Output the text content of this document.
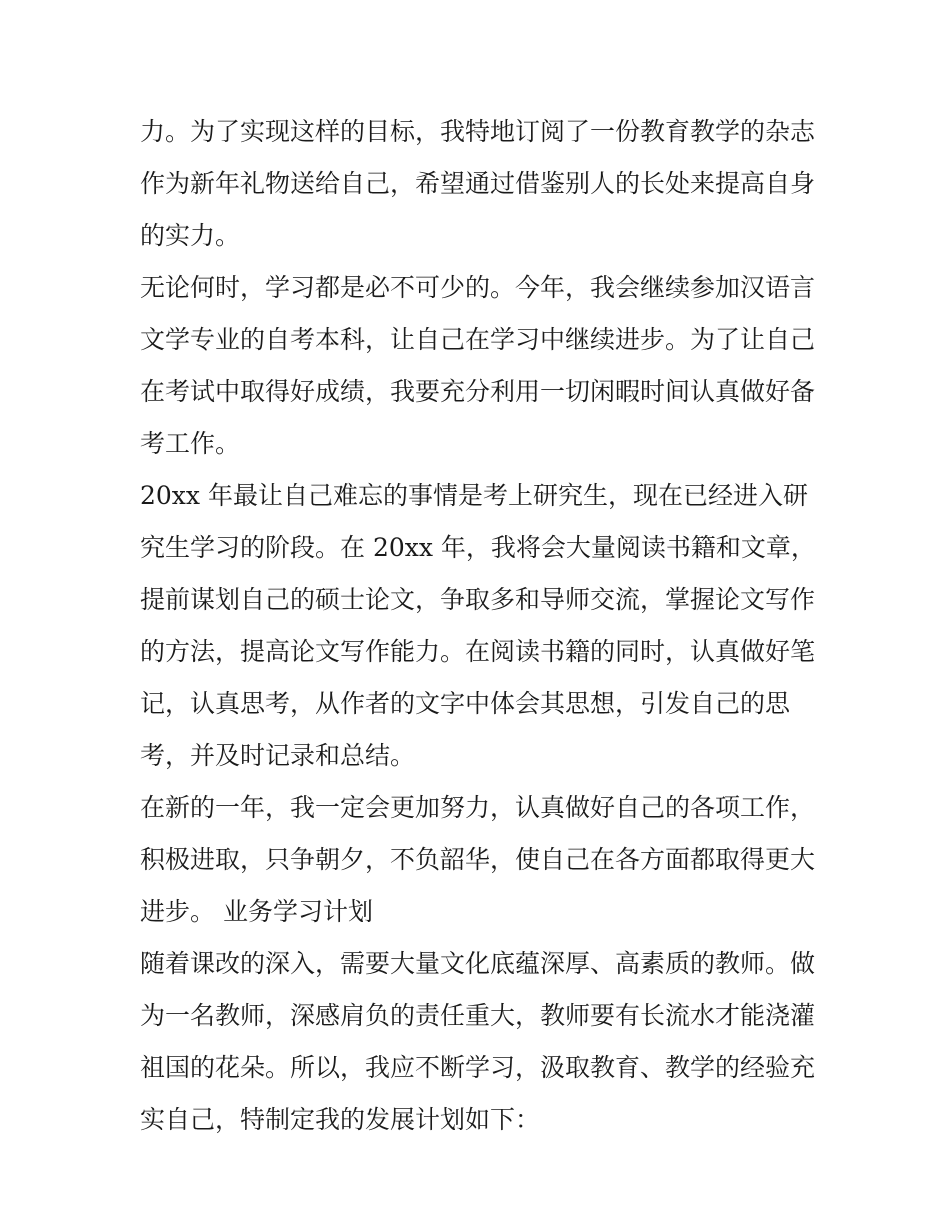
力。为了实现这样的目标，我特地订阅了一份教育教学的杂志
作为新年礼物送给自己，希望通过借鉴别人的长处来提高自身
的实力。
无论何时，学习都是必不可少的。今年，我会继续参加汉语言
文学专业的自考本科，让自己在学习中继续进步。为了让自己
在考试中取得好成绩，我要充分利用一切闲暇时间认真做好备
考工作。
20xx 年最让自己难忘的事情是考上研究生，现在已经进入研
究生学习的阶段。在 20xx 年，我将会大量阅读书籍和文章，
提前谋划自己的硕士论文，争取多和导师交流，掌握论文写作
的方法，提高论文写作能力。在阅读书籍的同时，认真做好笔
记，认真思考，从作者的文字中体会其思想，引发自己的思
考，并及时记录和总结。
在新的一年，我一定会更加努力，认真做好自己的各项工作，
积极进取，只争朝夕，不负韶华，使自己在各方面都取得更大
进步。 业务学习计划
随着课改的深入，需要大量文化底蕴深厚、高素质的教师。做
为一名教师，深感肩负的责任重大，教师要有长流水才能浇灌
祖国的花朵。所以，我应不断学习，汲取教育、教学的经验充
实自己，特制定我的发展计划如下：
